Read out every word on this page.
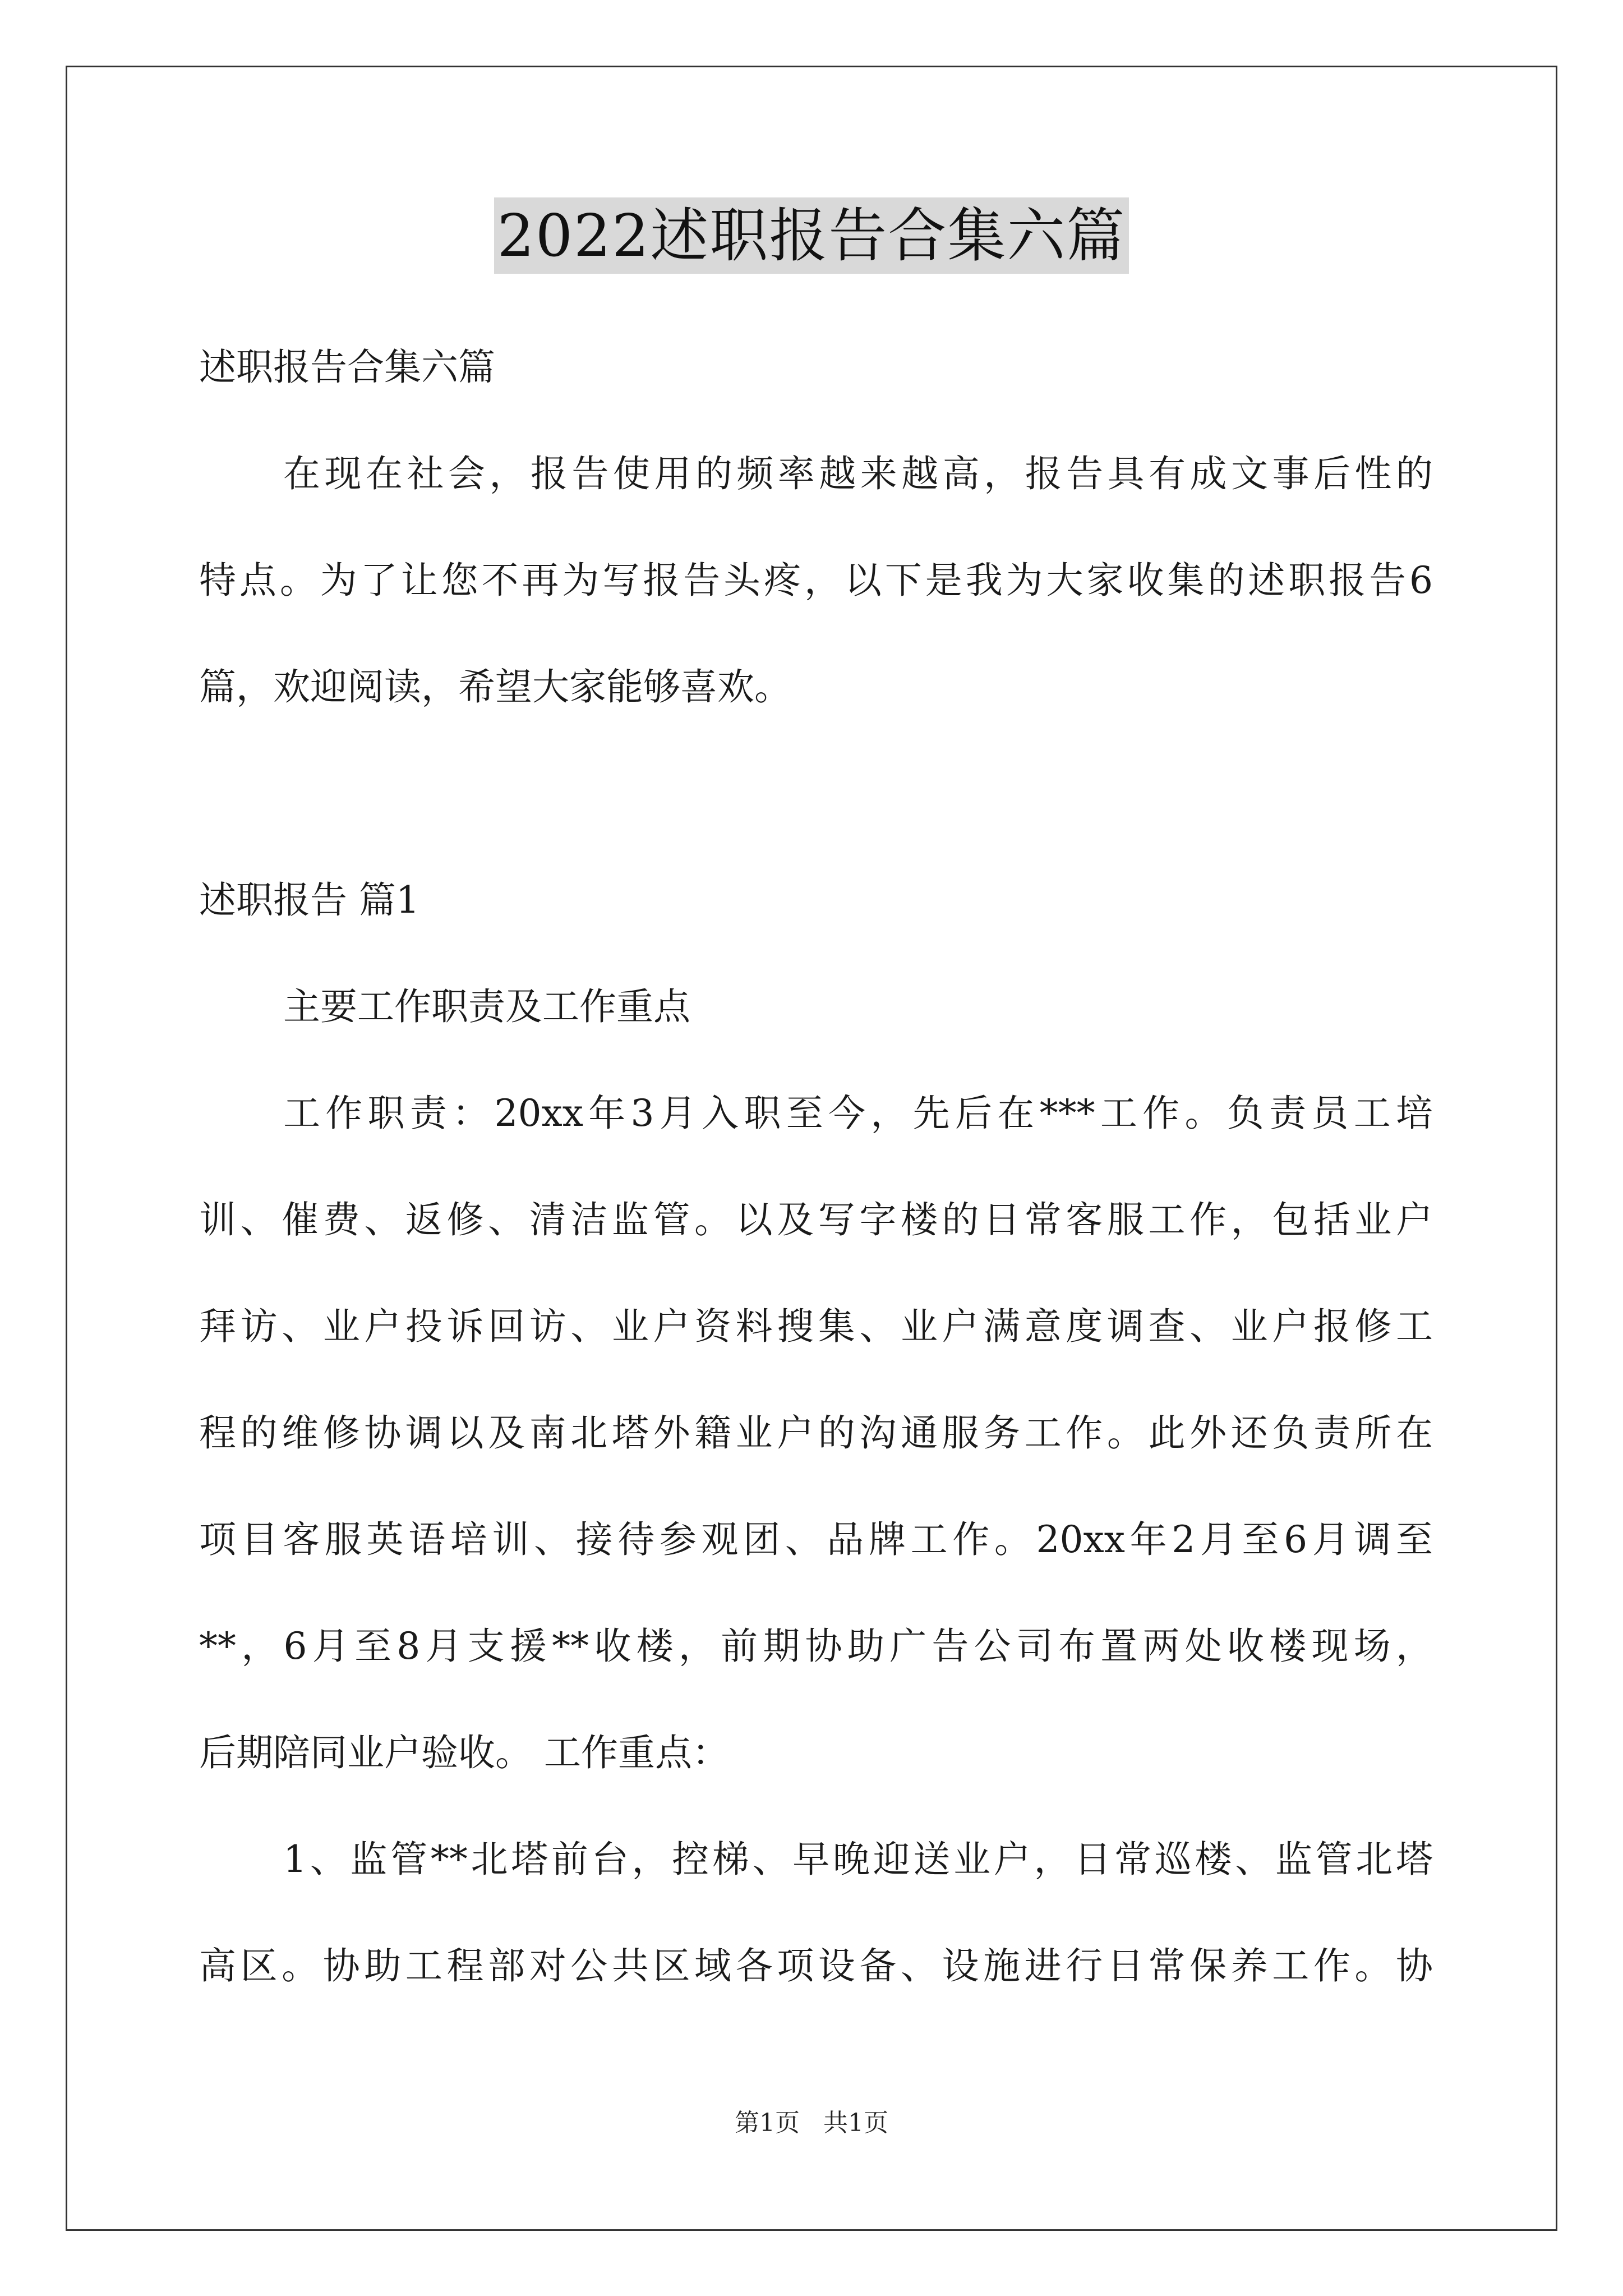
2022述职报告合集六篇

述职报告合集六篇

在现在社会，报告使用的频率越来越高，报告具有成文事后性的

特点。为了让您不再为写报告头疼，以下是我为大家收集的述职报告6

篇，欢迎阅读，希望大家能够喜欢。

述职报告 篇1

主要工作职责及工作重点

工作职责：20xx年3月入职至今，先后在***工作。负责员工培

训、催费、返修、清洁监管。以及写字楼的日常客服工作，包括业户

拜访、业户投诉回访、业户资料搜集、业户满意度调查、业户报修工

程的维修协调以及南北塔外籍业户的沟通服务工作。此外还负责所在

项目客服英语培训、接待参观团、品牌工作。20xx年2月至6月调至

**，6月至8月支援**收楼，前期协助广告公司布置两处收楼现场，

后期陪同业户验收。 工作重点：

1、监管**北塔前台，控梯、早晚迎送业户，日常巡楼、监管北塔

高区。协助工程部对公共区域各项设备、设施进行日常保养工作。协

第1页 共1页
